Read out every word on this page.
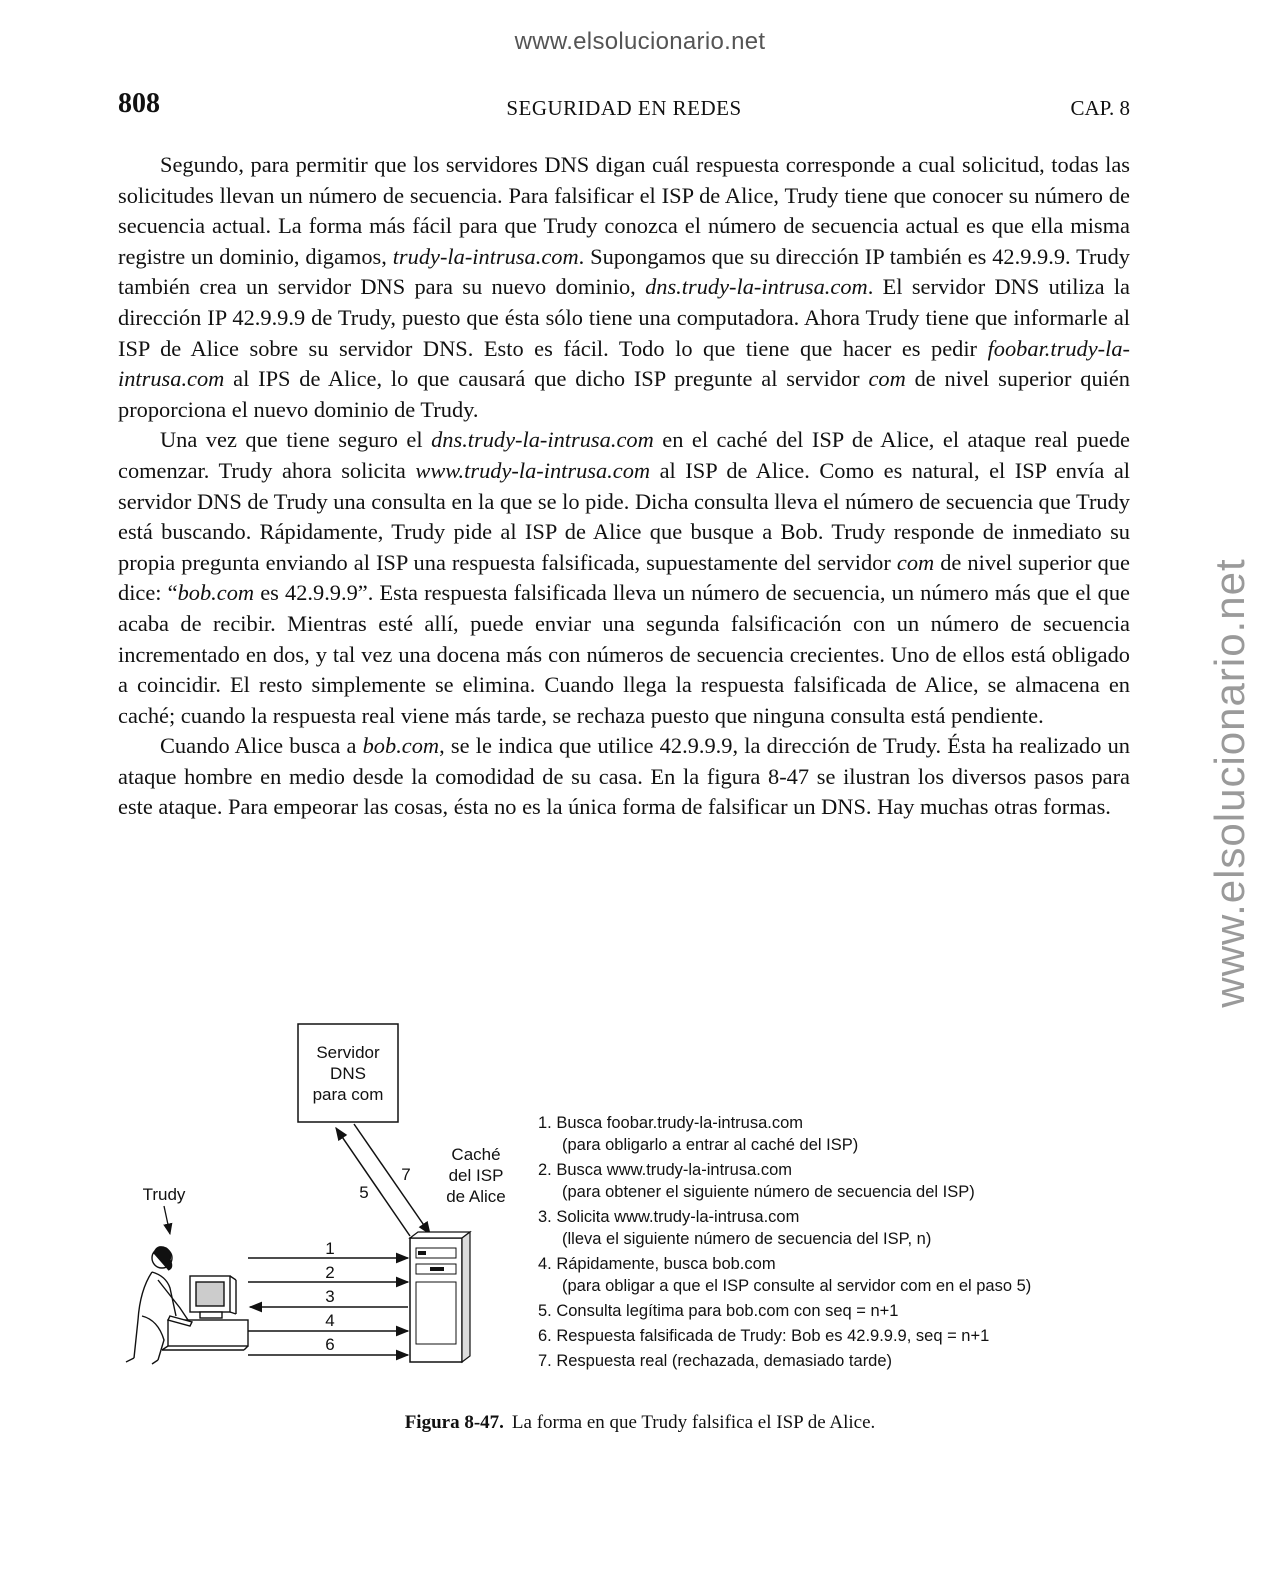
www.elsolucionario.net
www.elsolucionario.net
808	SEGURIDAD EN REDES	CAP. 8

Segundo, para permitir que los servidores DNS digan cuál respuesta corresponde a cual solicitud, todas las solicitudes llevan un número de secuencia. Para falsificar el ISP de Alice, Trudy tiene que conocer su número de secuencia actual. La forma más fácil para que Trudy conozca el número de secuencia actual es que ella misma registre un dominio, digamos, trudy-la-intrusa.com. Supongamos que su dirección IP también es 42.9.9.9. Trudy también crea un servidor DNS para su nuevo dominio, dns.trudy-la-intrusa.com. El servidor DNS utiliza la dirección IP 42.9.9.9 de Trudy, puesto que ésta sólo tiene una computadora. Ahora Trudy tiene que informarle al ISP de Alice sobre su servidor DNS. Esto es fácil. Todo lo que tiene que hacer es pedir foobar.trudy-la-intrusa.com al IPS de Alice, lo que causará que dicho ISP pregunte al servidor com de nivel superior quién proporciona el nuevo dominio de Trudy.

Una vez que tiene seguro el dns.trudy-la-intrusa.com en el caché del ISP de Alice, el ataque real puede comenzar. Trudy ahora solicita www.trudy-la-intrusa.com al ISP de Alice. Como es natural, el ISP envía al servidor DNS de Trudy una consulta en la que se lo pide. Dicha consulta lleva el número de secuencia que Trudy está buscando. Rápidamente, Trudy pide al ISP de Alice que busque a Bob. Trudy responde de inmediato su propia pregunta enviando al ISP una respuesta falsificada, supuestamente del servidor com de nivel superior que dice: “bob.com es 42.9.9.9”. Esta respuesta falsificada lleva un número de secuencia, un número más que el que acaba de recibir. Mientras esté allí, puede enviar una segunda falsificación con un número de secuencia incrementado en dos, y tal vez una docena más con números de secuencia crecientes. Uno de ellos está obligado a coincidir. El resto simplemente se elimina. Cuando llega la respuesta falsificada de Alice, se almacena en caché; cuando la respuesta real viene más tarde, se rechaza puesto que ninguna consulta está pendiente.

Cuando Alice busca a bob.com, se le indica que utilice 42.9.9.9, la dirección de Trudy. Ésta ha realizado un ataque hombre en medio desde la comodidad de su casa. En la figura 8-47 se ilustran los diversos pasos para este ataque. Para empeorar las cosas, ésta no es la única forma de falsificar un DNS. Hay muchas otras formas.

Servidor
DNS
para com
Caché
del ISP
de Alice
Trudy
1
2
3
4
6
5
7
1. Busca foobar.trudy-la-intrusa.com
(para obligarlo a entrar al caché del ISP)
2. Busca www.trudy-la-intrusa.com
(para obtener el siguiente número de secuencia del ISP)
3. Solicita www.trudy-la-intrusa.com
(lleva el siguiente número de secuencia del ISP, n)
4. Rápidamente, busca bob.com
(para obligar a que el ISP consulte al servidor com en el paso 5)
5. Consulta legítima para bob.com con seq = n+1
6. Respuesta falsificada de Trudy: Bob es 42.9.9.9, seq = n+1
7. Respuesta real (rechazada, demasiado tarde)
Figura 8-47. La forma en que Trudy falsifica el ISP de Alice.
